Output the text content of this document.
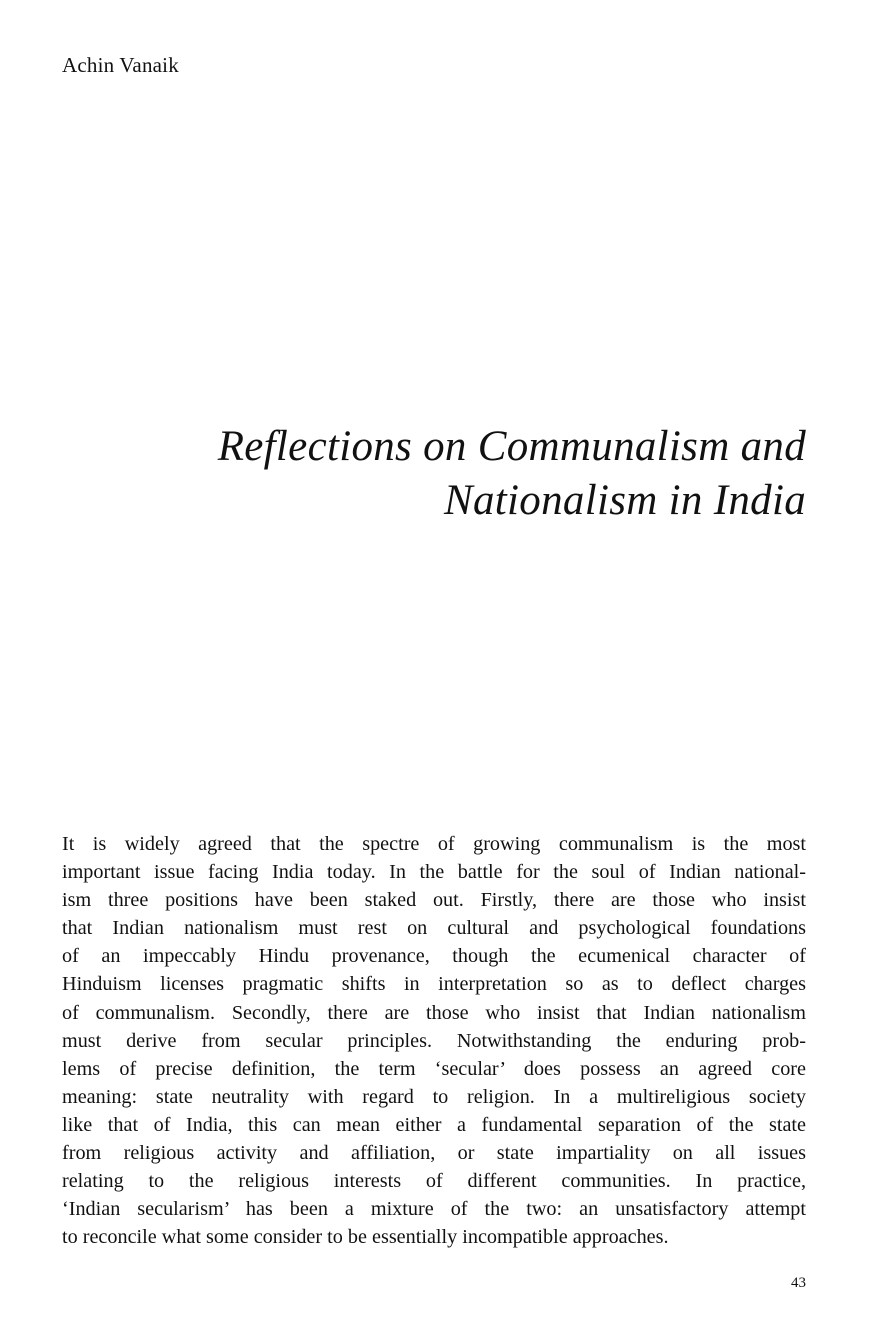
Achin Vanaik
Reflections on Communalism and
Nationalism in India
It is widely agreed that the spectre of growing communalism is the most
important issue facing India today. In the battle for the soul of Indian national-
ism three positions have been staked out. Firstly, there are those who insist
that Indian nationalism must rest on cultural and psychological foundations
of an impeccably Hindu provenance, though the ecumenical character of
Hinduism licenses pragmatic shifts in interpretation so as to deflect charges
of communalism. Secondly, there are those who insist that Indian nationalism
must derive from secular principles. Notwithstanding the enduring prob-
lems of precise definition, the term ‘secular’ does possess an agreed core
meaning: state neutrality with regard to religion. In a multireligious society
like that of India, this can mean either a fundamental separation of the state
from religious activity and affiliation, or state impartiality on all issues
relating to the religious interests of different communities. In practice,
‘Indian secularism’ has been a mixture of the two: an unsatisfactory attempt
to reconcile what some consider to be essentially incompatible approaches.
43
